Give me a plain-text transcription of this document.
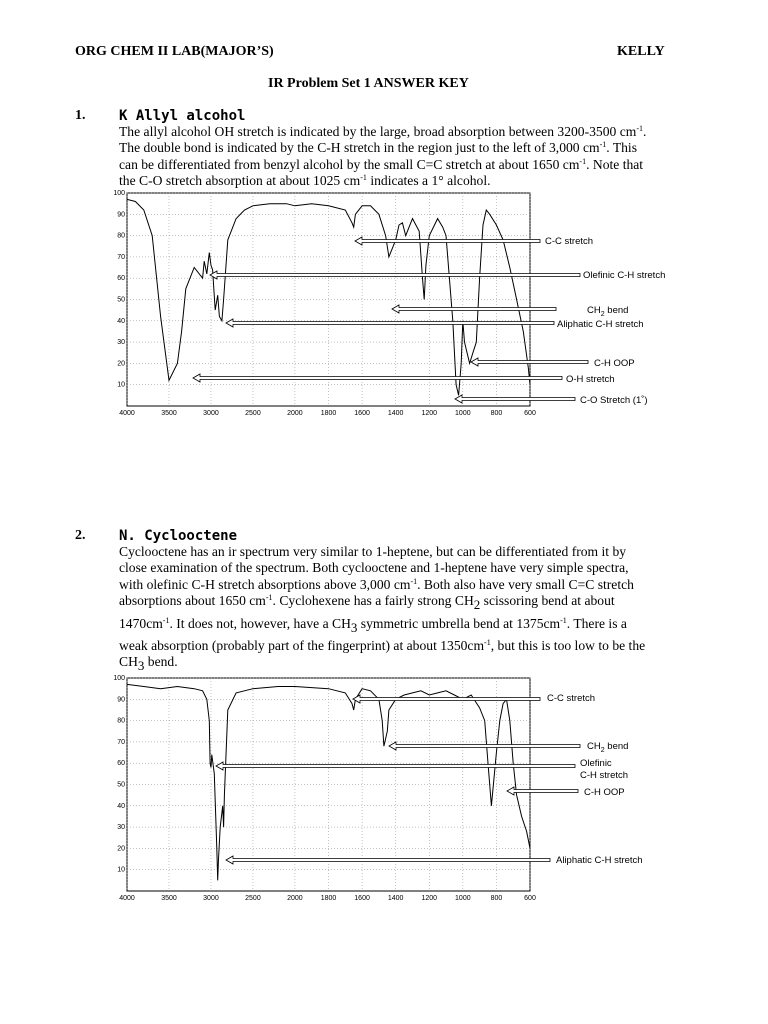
ORG CHEM II LAB(MAJOR’S)	KELLY
IR Problem Set 1 ANSWER KEY
1. K Allyl alcohol
The allyl alcohol OH stretch is indicated by the large, broad absorption between 3200-3500 $cm^{-1}$.
The double bond is indicated by the C-H stretch in the region just to the left of 3,000 $cm^{-1}$. This
can be differentiated from benzyl alcohol by the small C=C stretch at about 1650 $cm^{-1}$. Note that
the C-O stretch absorption at about 1025 $cm^{-1}$ indicates a 1° alcohol.
4000	3500	3000	2500	2000	1800	1600	1400	1200	1000	800	600
100
90
80
70
60
50
40
30
20
10
C-C stretch
Olefinic C-H stretch
$CH_2$ bend
Aliphatic C-H stretch
C-H OOP
O-H stretch
C-O Stretch (1˚)
2. N. Cyclooctene
Cyclooctene has an ir spectrum very similar to 1-heptene, but can be differentiated from it by
close examination of the spectrum. Both cyclooctene and 1-heptene have very simple spectra,
with olefinic C-H stretch absorptions above 3,000 $cm^{-1}$. Both also have very small C=C stretch
absorptions about 1650 $cm^{-1}$. Cyclohexene has a fairly strong $CH_2$ scissoring bend at about
$1470cm^{-1}$. It does not, however, have a $CH_3$ symmetric umbrella bend at $1375cm^{-1}$. There is a
weak absorption (probably part of the fingerprint) at about $1350cm^{-1}$, but this is too low to be the
$CH_3$ bend.
4000	3500	3000	2500	2000	1800	1600	1400	1200	1000	800	600
100
90
80
70
60
50
40
30
20
10
C-C stretch
$CH_2$ bend
Olefinic
C-H stretch
C-H OOP
Aliphatic C-H stretch
